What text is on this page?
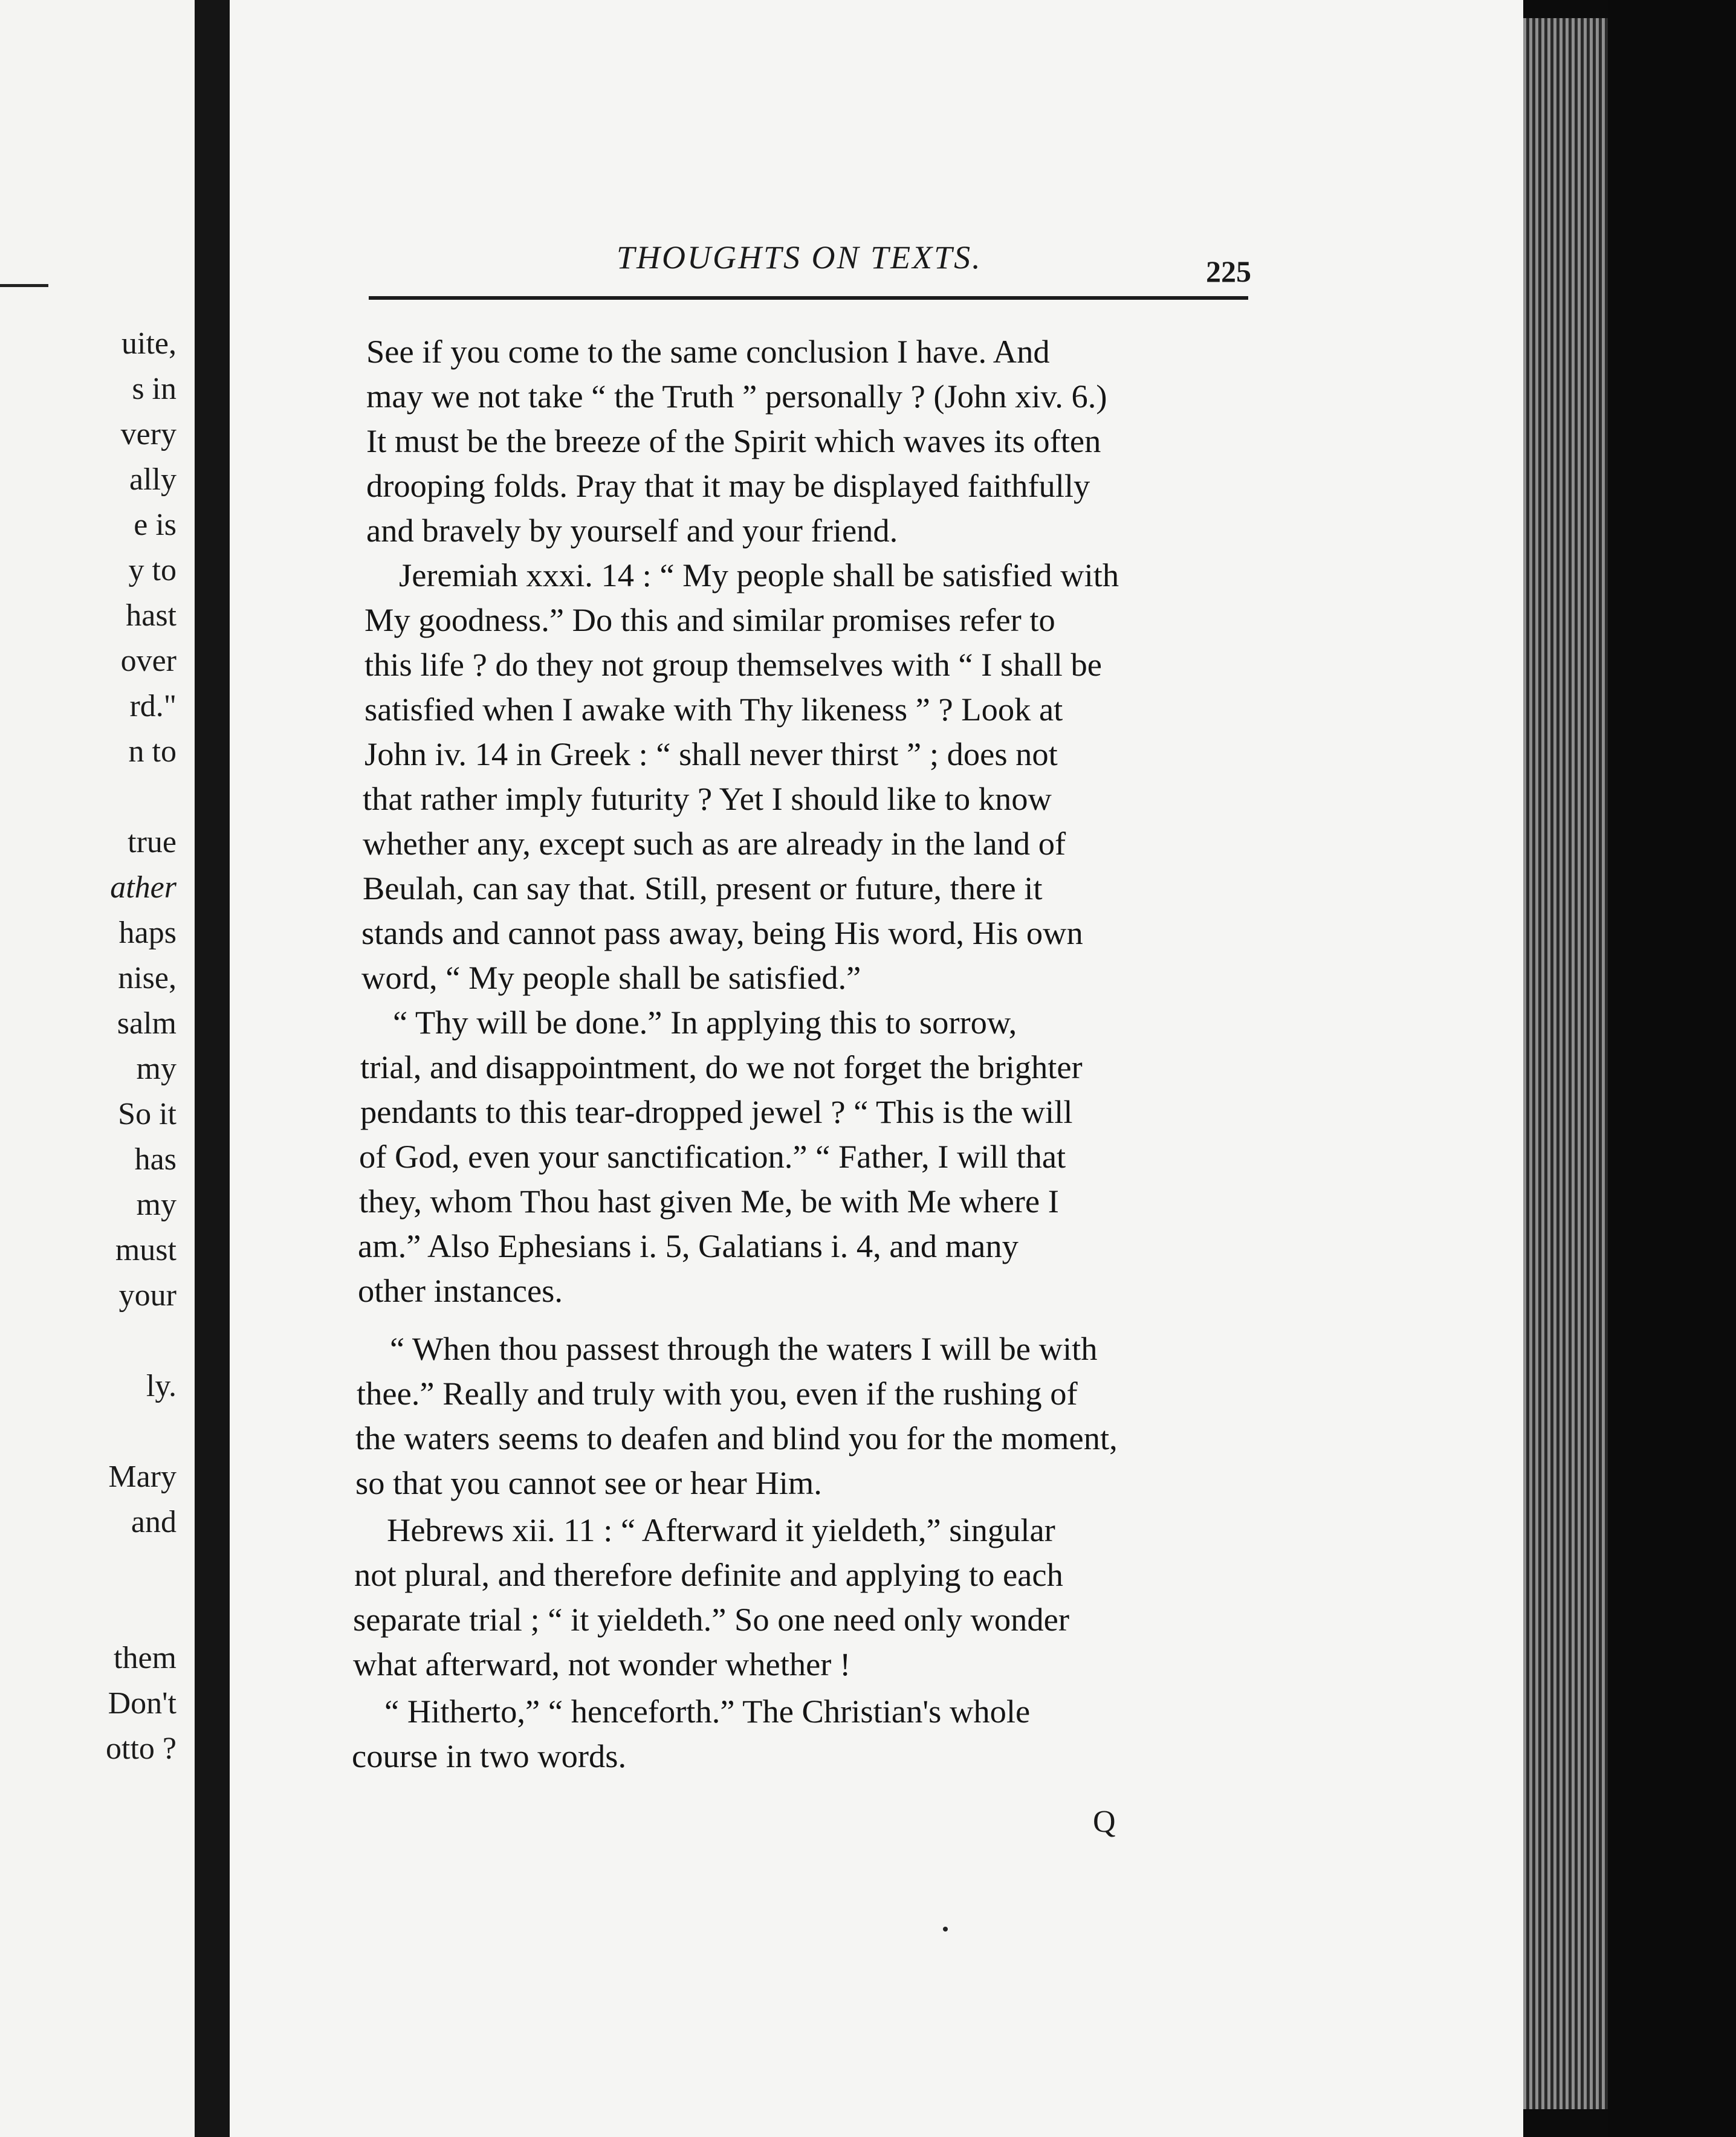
uite,
s in
very
ally
e is
y to
hast
over
rd."
n to
true
ather
haps
nise,
salm
my
So it
has
my
must
your
ly.
Mary
and
them
Don't
otto ?
THOUGHTS ON TEXTS.	225
See if you come to the same conclusion I have. And
may we not take “ the Truth ” personally ? (John xiv. 6.)
It must be the breeze of the Spirit which waves its often
drooping folds. Pray that it may be displayed faithfully
and bravely by yourself and your friend.
Jeremiah xxxi. 14 : “ My people shall be satisfied with
My goodness.” Do this and similar promises refer to
this life ? do they not group themselves with “ I shall be
satisfied when I awake with Thy likeness ” ? Look at
John iv. 14 in Greek : “ shall never thirst ” ; does not
that rather imply futurity ? Yet I should like to know
whether any, except such as are already in the land of
Beulah, can say that. Still, present or future, there it
stands and cannot pass away, being His word, His own
word, “ My people shall be satisfied.”
“ Thy will be done.” In applying this to sorrow,
trial, and disappointment, do we not forget the brighter
pendants to this tear-dropped jewel ? “ This is the will
of God, even your sanctification.” “ Father, I will that
they, whom Thou hast given Me, be with Me where I
am.” Also Ephesians i. 5, Galatians i. 4, and many
other instances.
“ When thou passest through the waters I will be with
thee.” Really and truly with you, even if the rushing of
the waters seems to deafen and blind you for the moment,
so that you cannot see or hear Him.
Hebrews xii. 11 : “ Afterward it yieldeth,” singular
not plural, and therefore definite and applying to each
separate trial ; “ it yieldeth.” So one need only wonder
what afterward, not wonder whether !
“ Hitherto,” “ henceforth.” The Christian's whole
course in two words.
Q
